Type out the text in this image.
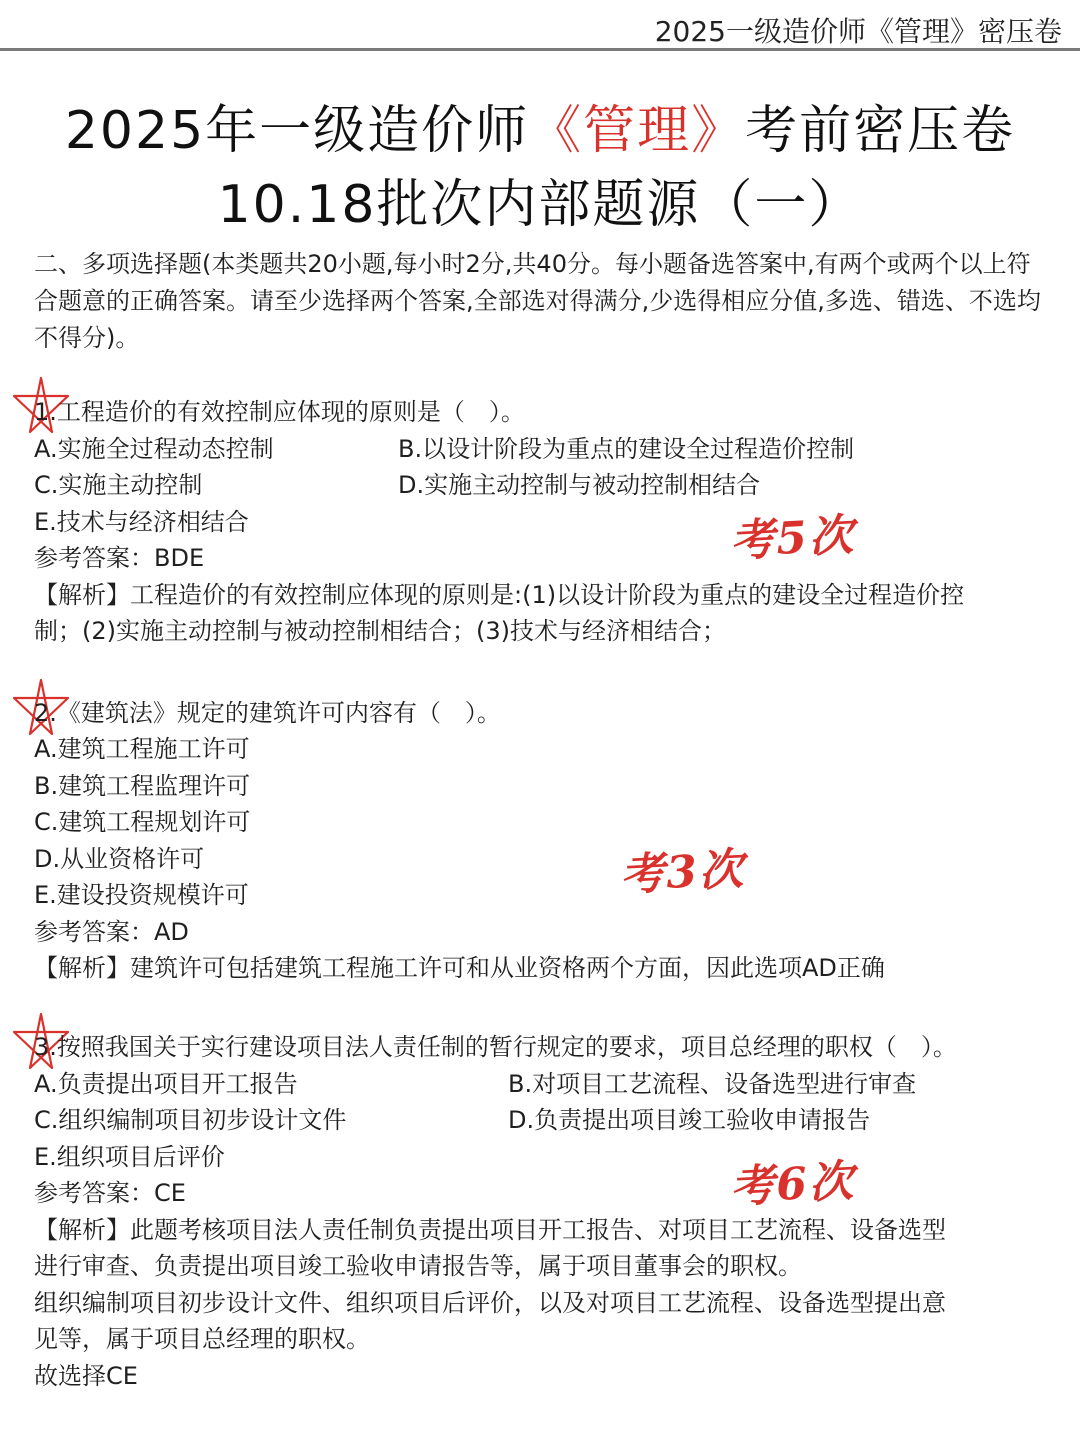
2025一级造价师《管理》密压卷
2025年一级造价师《管理》考前密压卷
10.18批次内部题源（一）
二、多项选择题(本类题共20小题,每小时2分,共40分。每小题备选答案中,有两个或两个以上符合题意的正确答案。请至少选择两个答案,全部选对得满分,少选得相应分值,多选、错选、不选均不得分)。
1.工程造价的有效控制应体现的原则是（　）。
A.实施全过程动态控制	B.以设计阶段为重点的建设全过程造价控制
C.实施主动控制	D.实施主动控制与被动控制相结合
E.技术与经济相结合
参考答案：BDE
【解析】工程造价的有效控制应体现的原则是:(1)以设计阶段为重点的建设全过程造价控
制；(2)实施主动控制与被动控制相结合；(3)技术与经济相结合；
考5次
2.《建筑法》规定的建筑许可内容有（　）。
A.建筑工程施工许可
B.建筑工程监理许可
C.建筑工程规划许可
D.从业资格许可
E.建设投资规模许可
参考答案：AD
【解析】建筑许可包括建筑工程施工许可和从业资格两个方面，因此选项AD正确
考3次
3.按照我国关于实行建设项目法人责任制的暂行规定的要求，项目总经理的职权（　）。
A.负责提出项目开工报告	B.对项目工艺流程、设备选型进行审查
C.组织编制项目初步设计文件	D.负责提出项目竣工验收申请报告
E.组织项目后评价
参考答案：CE
【解析】此题考核项目法人责任制负责提出项目开工报告、对项目工艺流程、设备选型
进行审查、负责提出项目竣工验收申请报告等，属于项目董事会的职权。
组织编制项目初步设计文件、组织项目后评价，以及对项目工艺流程、设备选型提出意
见等，属于项目总经理的职权。
故选择CE
考6次
